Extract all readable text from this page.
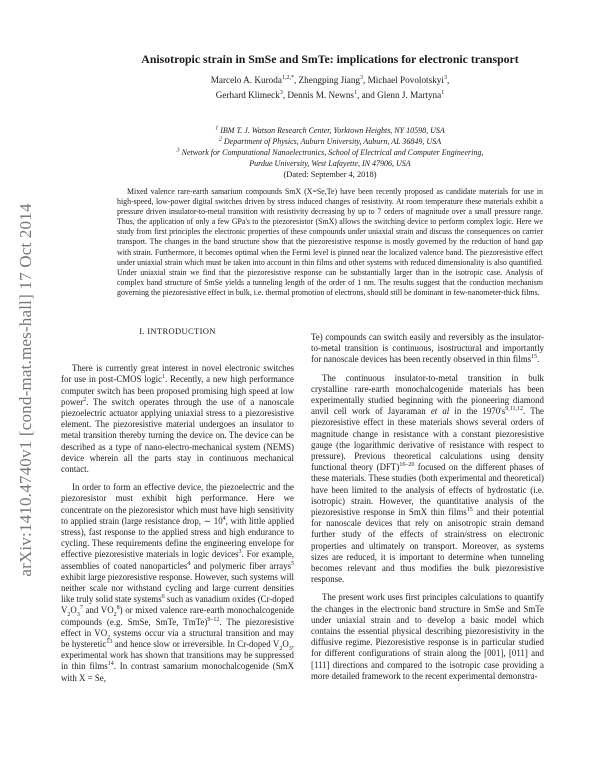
arXiv:1410.4740v1 [cond-mat.mes-hall] 17 Oct 2014
Anisotropic strain in SmSe and SmTe: implications for electronic transport
Marcelo A. Kuroda$^{1,2,*}$, Zhengping Jiang$^3$, Michael Povolotskyi$^3$,
Gerhard Klimeck$^3$, Dennis M. Newns$^1$, and Glenn J. Martyna$^1$
$^1$ IBM T. J. Watson Research Center, Yorktown Heights, NY 10598, USA
$^2$ Department of Physics, Auburn University, Auburn, AL 36849, USA
$^3$ Network for Computational Nanoelectronics, School of Electrical and Computer Engineering,
Purdue University, West Lafayette, IN 47906, USA
(Dated: September 4, 2018)

Mixed valence rare-earth samarium compounds SmX (X=Se,Te) have been recently proposed as candidate materials for use in high-speed, low-power digital switches driven by stress induced changes of resistivity. At room temperature these materials exhibit a pressure driven insulator-to-metal transition with resistivity decreasing by up to 7 orders of magnitude over a small pressure range. Thus, the application of only a few GPa's to the piezoresistor (SmX) allows the switching device to perform complex logic. Here we study from first principles the electronic properties of these compounds under uniaxial strain and discuss the consequences on carrier transport. The changes in the band structure show that the piezoresistive response is mostly governed by the reduction of band gap with strain. Furthermore, it becomes optimal when the Fermi level is pinned near the localized valence band. The piezoresistive effect under uniaxial strain which must be taken into account in thin films and other systems with reduced dimensionality is also quantified. Under uniaxial strain we find that the piezoresistive response can be substantially larger than in the isotropic case. Analysis of complex band structure of SmSe yields a tunneling length of the order of 1 nm. The results suggest that the conduction mechanism governing the piezoresistive effect in bulk, i.e. thermal promotion of electrons, should still be dominant in few-nanometer-thick films.

I. INTRODUCTION

There is currently great interest in novel electronic switches for use in post-CMOS logic$^1$. Recently, a new high performance computer switch has been proposed promising high speed at low power$^2$. The switch operates through the use of a nanoscale piezoelectric actuator applying uniaxial stress to a piezoresistive element. The piezoresistive material undergoes an insulator to metal transition thereby turning the device on. The device can be described as a type of nano-electro-mechanical system (NEMS) device wherein all the parts stay in continuous mechanical contact.

In order to form an effective device, the piezoelectric and the piezoresistor must exhibit high performance. Here we concentrate on the piezoresistor which must have high sensitivity to applied strain (large resistance drop, ∼ $10^4$, with little applied stress), fast response to the applied stress and high endurance to cycling. These requirements define the engineering envelope for effective piezoresistive materials in logic devices$^3$. For example, assemblies of coated nanoparticles$^4$ and polymeric fiber arrays$^5$ exhibit large piezoresistive response. However, such systems will neither scale nor withstand cycling and large current densities like truly solid state systems$^6$ such as vanadium oxides (Cr-doped $V_2O_3^7$ and $VO_2^8$) or mixed valence rare-earth monochalcogenide compounds (e.g. SmSe, SmTe, TmTe)$^{9-12}$. The piezoresistive effect in $VO_2$ systems occur via a structural transition and may be hysteretic$^{13}$ and hence slow or irreversible. In Cr-doped $V_2O_3$, experimental work has shown that transitions may be suppressed in thin films$^{14}$. In contrast samarium monochalcogenide (SmX with X = Se,

Te) compounds can switch easily and reversibly as the insulator-to-metal transition is continuous, isostructural and importantly for nanoscale devices has been recently observed in thin films$^{15}$.

The continuous insulator-to-metal transition in bulk crystalline rare-earth monochalcogenide materials has been experimentally studied beginning with the pioneering diamond anvil cell work of Jayaraman et al in the $1970's^{9,11,12}$. The piezoresistive effect in these materials shows several orders of magnitude change in resistance with a constant piezoresistive gauge (the logarithmic derivative of resistance with respect to pressure). Previous theoretical calculations using density functional theory (DFT)$^{16-20}$ focused on the different phases of these materials. These studies (both experimental and theoretical) have been limited to the analysis of effects of hydrostatic (i.e. isotropic) strain. However, the quantitative analysis of the piezoresistive response in SmX thin films$^{15}$ and their potential for nanoscale devices that rely on anisotropic strain demand further study of the effects of strain/stress on electronic properties and ultimately on transport. Moreover, as systems sizes are reduced, it is important to determine when tunneling becomes relevant and thus modifies the bulk piezoresistive response.

The present work uses first principles calculations to quantify the changes in the electronic band structure in SmSe and SmTe under uniaxial strain and to develop a basic model which contains the essential physical describing piezoresistivity in the diffusive regime. Piezoresistive response is in particular studied for different configurations of strain along the [001], [011] and [111] directions and compared to the isotropic case providing a more detailed framework to the recent experimental demonstra-
